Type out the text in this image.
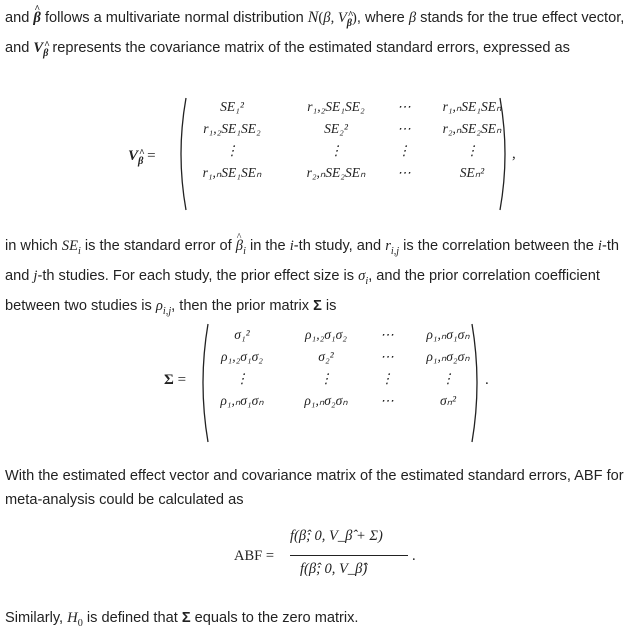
and ^ β follows a multivariate normal distribution N(β, V^ $_\beta$), where β stands for the true effect vector, and V^ $_\beta$ represents the covariance matrix of the estimated standard errors, expressed as
V^ $_\beta$ =
SE₁²	r₁,₂SE₁SE₂	⋯	r₁,ₙSE₁SEₙ
r₁,₂SE₁SE₂	SE₂²	⋯	r₂,ₙSE₂SEₙ
⋮	⋮	⋮	⋮
r₁,ₙSE₁SEₙ	r₂,ₙSE₂SEₙ	⋯	SEₙ²
,
in which $SE_i$ is the standard error of ^ $\beta_i$ in the i-th study, and $r_{i,j}$ is the correlation between the i-th and j-th studies. For each study, the prior effect size is $\sigma_i$, and the prior correlation coefficient between two studies is $\rho_{i,j}$, then the prior matrix Σ is
Σ =
σ₁²	ρ₁,₂σ₁σ₂	⋯	ρ₁,ₙσ₁σₙ
ρ₁,₂σ₁σ₂	σ₂²	⋯	ρ₁,ₙσ₂σₙ
⋮	⋮	⋮	⋮
ρ₁,ₙσ₁σₙ	ρ₁,ₙσ₂σₙ	⋯	σₙ²
.
With the estimated effect vector and covariance matrix of the estimated standard errors, ABF for meta-analysis could be calculated as
ABF =
f(β̂; 0, V_β̂ + Σ)
f(β̂; 0, V_β̂)
.
Similarly, $H_0$ is defined that Σ equals to the zero matrix.
